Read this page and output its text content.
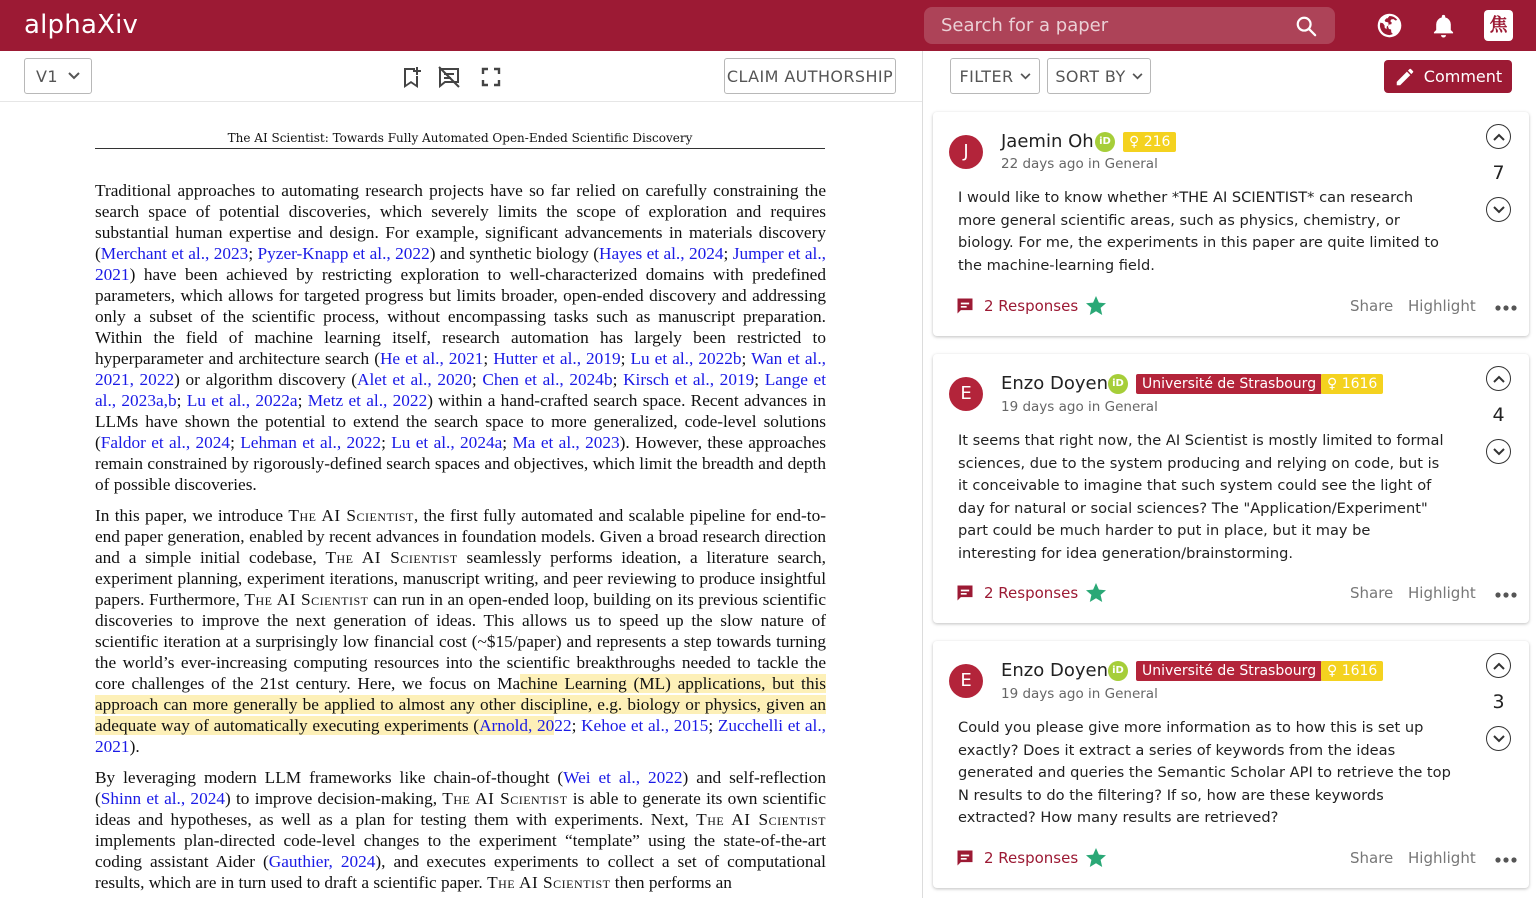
alphaXiv
Search for a paper	焦
V1	CLAIM AUTHORSHIP	FILTER	SORT BY	Comment
The AI Scientist: Towards Fully Automated Open-Ended Scientific Discovery

Traditional approaches to automating research projects have so far relied on carefully constraining the search space of potential discoveries, which severely limits the scope of exploration and requires substantial human expertise and design. For example, significant advancements in materials discovery (Merchant et al., 2023; Pyzer-Knapp et al., 2022) and synthetic biology (Hayes et al., 2024; Jumper et al., 2021) have been achieved by restricting exploration to well-characterized domains with predefined parameters, which allows for targeted progress but limits broader, open-ended discovery and addressing only a subset of the scientific process, without encompassing tasks such as manuscript preparation. Within the field of machine learning itself, research automation has largely been restricted to hyperparameter and architecture search (He et al., 2021; Hutter et al., 2019; Lu et al., 2022b; Wan et al., 2021, 2022) or algorithm discovery (Alet et al., 2020; Chen et al., 2024b; Kirsch et al., 2019; Lange et al., 2023a,b; Lu et al., 2022a; Metz et al., 2022) within a hand-crafted search space. Recent advances in LLMs have shown the potential to extend the search space to more generalized, code-level solutions (Faldor et al., 2024; Lehman et al., 2022; Lu et al., 2024a; Ma et al., 2023). However, these approaches remain constrained by rigorously-defined search spaces and objectives, which limit the breadth and depth of possible discoveries.

In this paper, we introduce The AI Scientist, the first fully automated and scalable pipeline for end-to-end paper generation, enabled by recent advances in foundation models. Given a broad research direction and a simple initial codebase, The AI Scientist seamlessly performs ideation, a literature search, experiment planning, experiment iterations, manuscript writing, and peer reviewing to produce insightful papers. Furthermore, The AI Scientist can run in an open-ended loop, building on its previous scientific discoveries to improve the next generation of ideas. This allows us to speed up the slow nature of scientific iteration at a surprisingly low financial cost (~$15/paper) and represents a step towards turning the world’s ever-increasing computing resources into the scientific breakthroughs needed to tackle the core challenges of the 21st century. Here, we focus on Machine Learning (ML) applications, but this approach can more generally be applied to almost any other discipline, e.g. biology or physics, given an adequate way of automatically executing experiments (Arnold, 2022; Kehoe et al., 2015; Zucchelli et al., 2021).

By leveraging modern LLM frameworks like chain-of-thought (Wei et al., 2022) and self-reflection (Shinn et al., 2024) to improve decision-making, The AI Scientist is able to generate its own scientific ideas and hypotheses, as well as a plan for testing them with experiments. Next, The AI Scientist implements plan-directed code-level changes to the experiment “template” using the state-of-the-art coding assistant Aider (Gauthier, 2024), and executes experiments to collect a set of computational results, which are in turn used to draft a scientific paper. The AI Scientist then performs an

J	Jaemin Oh iD	♀ 216
22 days ago in General
I would like to know whether *THE AI SCIENTIST* can research more general scientific areas, such as physics, chemistry, or biology. For me, the experiments in this paper are quite limited to the machine-learning field.
7
2 Responses	Share Highlight
E	Enzo Doyen iD	Université de Strasbourg ♀ 1616
19 days ago in General
It seems that right now, the AI Scientist is mostly limited to formal sciences, due to the system producing and relying on code, but is it conceivable to imagine that such system could see the light of day for natural or social sciences? The "Application/Experiment" part could be much harder to put in place, but it may be interesting for idea generation/brainstorming.
4
2 Responses	Share Highlight
E	Enzo Doyen iD	Université de Strasbourg ♀ 1616
19 days ago in General
Could you please give more information as to how this is set up exactly? Does it extract a series of keywords from the ideas generated and queries the Semantic Scholar API to retrieve the top N results to do the filtering? If so, how are these keywords extracted? How many results are retrieved?
3
2 Responses	Share Highlight
